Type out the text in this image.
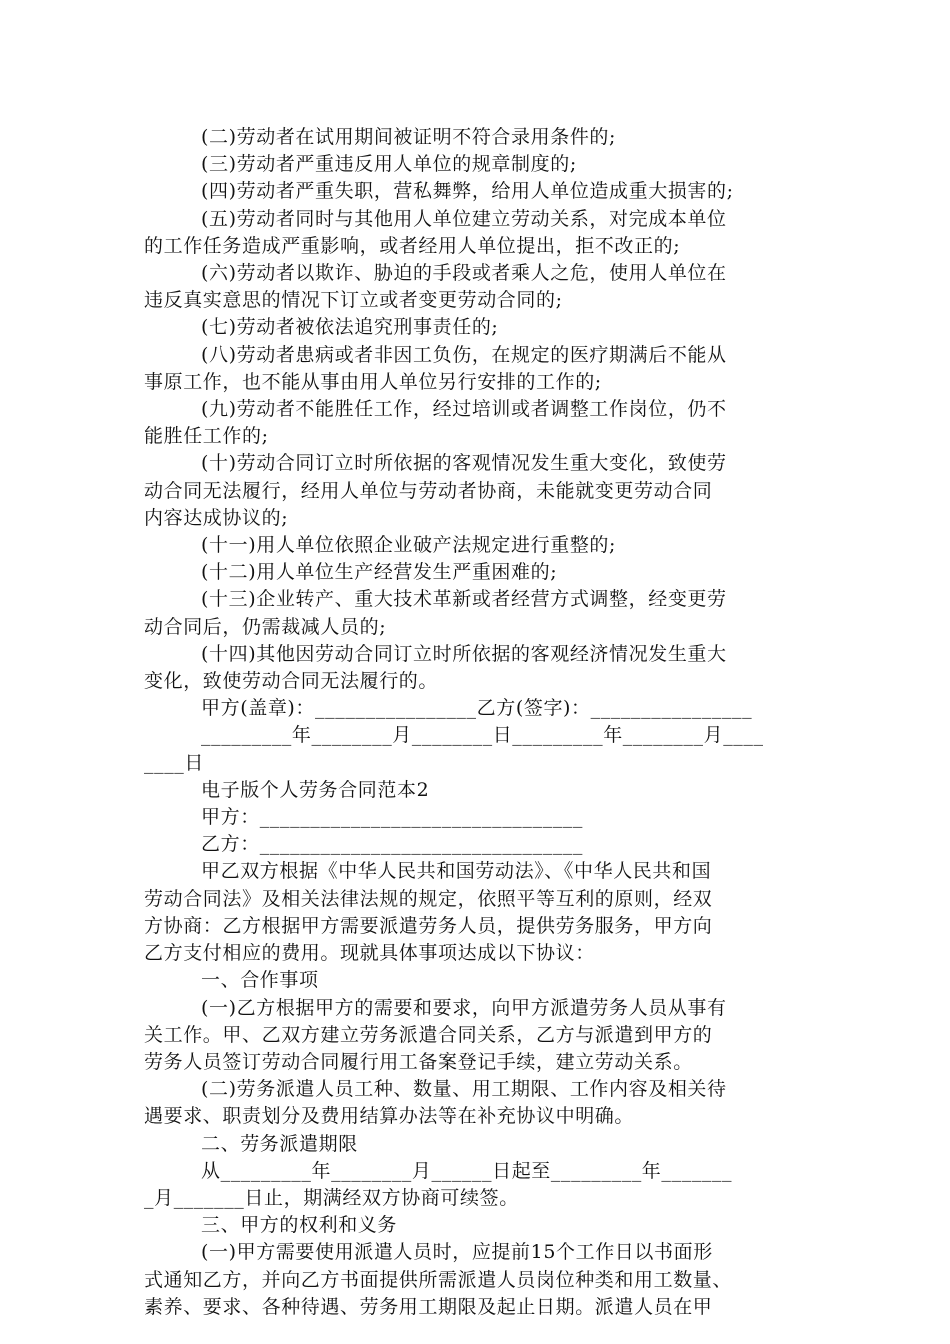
(二)劳动者在试用期间被证明不符合录用条件的;

(三)劳动者严重违反用人单位的规章制度的;

(四)劳动者严重失职，营私舞弊，给用人单位造成重大损害的;

(五)劳动者同时与其他用人单位建立劳动关系，对完成本单位

的工作任务造成严重影响，或者经用人单位提出，拒不改正的;

(六)劳动者以欺诈、胁迫的手段或者乘人之危，使用人单位在

违反真实意思的情况下订立或者变更劳动合同的;

(七)劳动者被依法追究刑事责任的;

(八)劳动者患病或者非因工负伤，在规定的医疗期满后不能从

事原工作，也不能从事由用人单位另行安排的工作的;

(九)劳动者不能胜任工作，经过培训或者调整工作岗位，仍不

能胜任工作的;

(十)劳动合同订立时所依据的客观情况发生重大变化，致使劳

动合同无法履行，经用人单位与劳动者协商，未能就变更劳动合同

内容达成协议的;

(十一)用人单位依照企业破产法规定进行重整的;

(十二)用人单位生产经营发生严重困难的;

(十三)企业转产、重大技术革新或者经营方式调整，经变更劳

动合同后，仍需裁减人员的;

(十四)其他因劳动合同订立时所依据的客观经济情况发生重大

变化，致使劳动合同无法履行的。

甲方(盖章)：________________乙方(签字)：________________

_________年________月________日_________年________月____

____日

电子版个人劳务合同范本2

甲方：________________________________

乙方：________________________________

甲乙双方根据《中华人民共和国劳动法》、《中华人民共和国

劳动合同法》及相关法律法规的规定，依照平等互利的原则，经双

方协商：乙方根据甲方需要派遣劳务人员，提供劳务服务，甲方向

乙方支付相应的费用。现就具体事项达成以下协议：

一、合作事项

(一)乙方根据甲方的需要和要求，向甲方派遣劳务人员从事有

关工作。甲、乙双方建立劳务派遣合同关系，乙方与派遣到甲方的

劳务人员签订劳动合同履行用工备案登记手续，建立劳动关系。

(二)劳务派遣人员工种、数量、用工期限、工作内容及相关待

遇要求、职责划分及费用结算办法等在补充协议中明确。

二、劳务派遣期限

从_________年________月______日起至_________年_______

_月_______日止，期满经双方协商可续签。

三、甲方的权利和义务

(一)甲方需要使用派遣人员时，应提前15个工作日以书面形

式通知乙方，并向乙方书面提供所需派遣人员岗位种类和用工数量、

素养、要求、各种待遇、劳务用工期限及起止日期。派遣人员在甲
